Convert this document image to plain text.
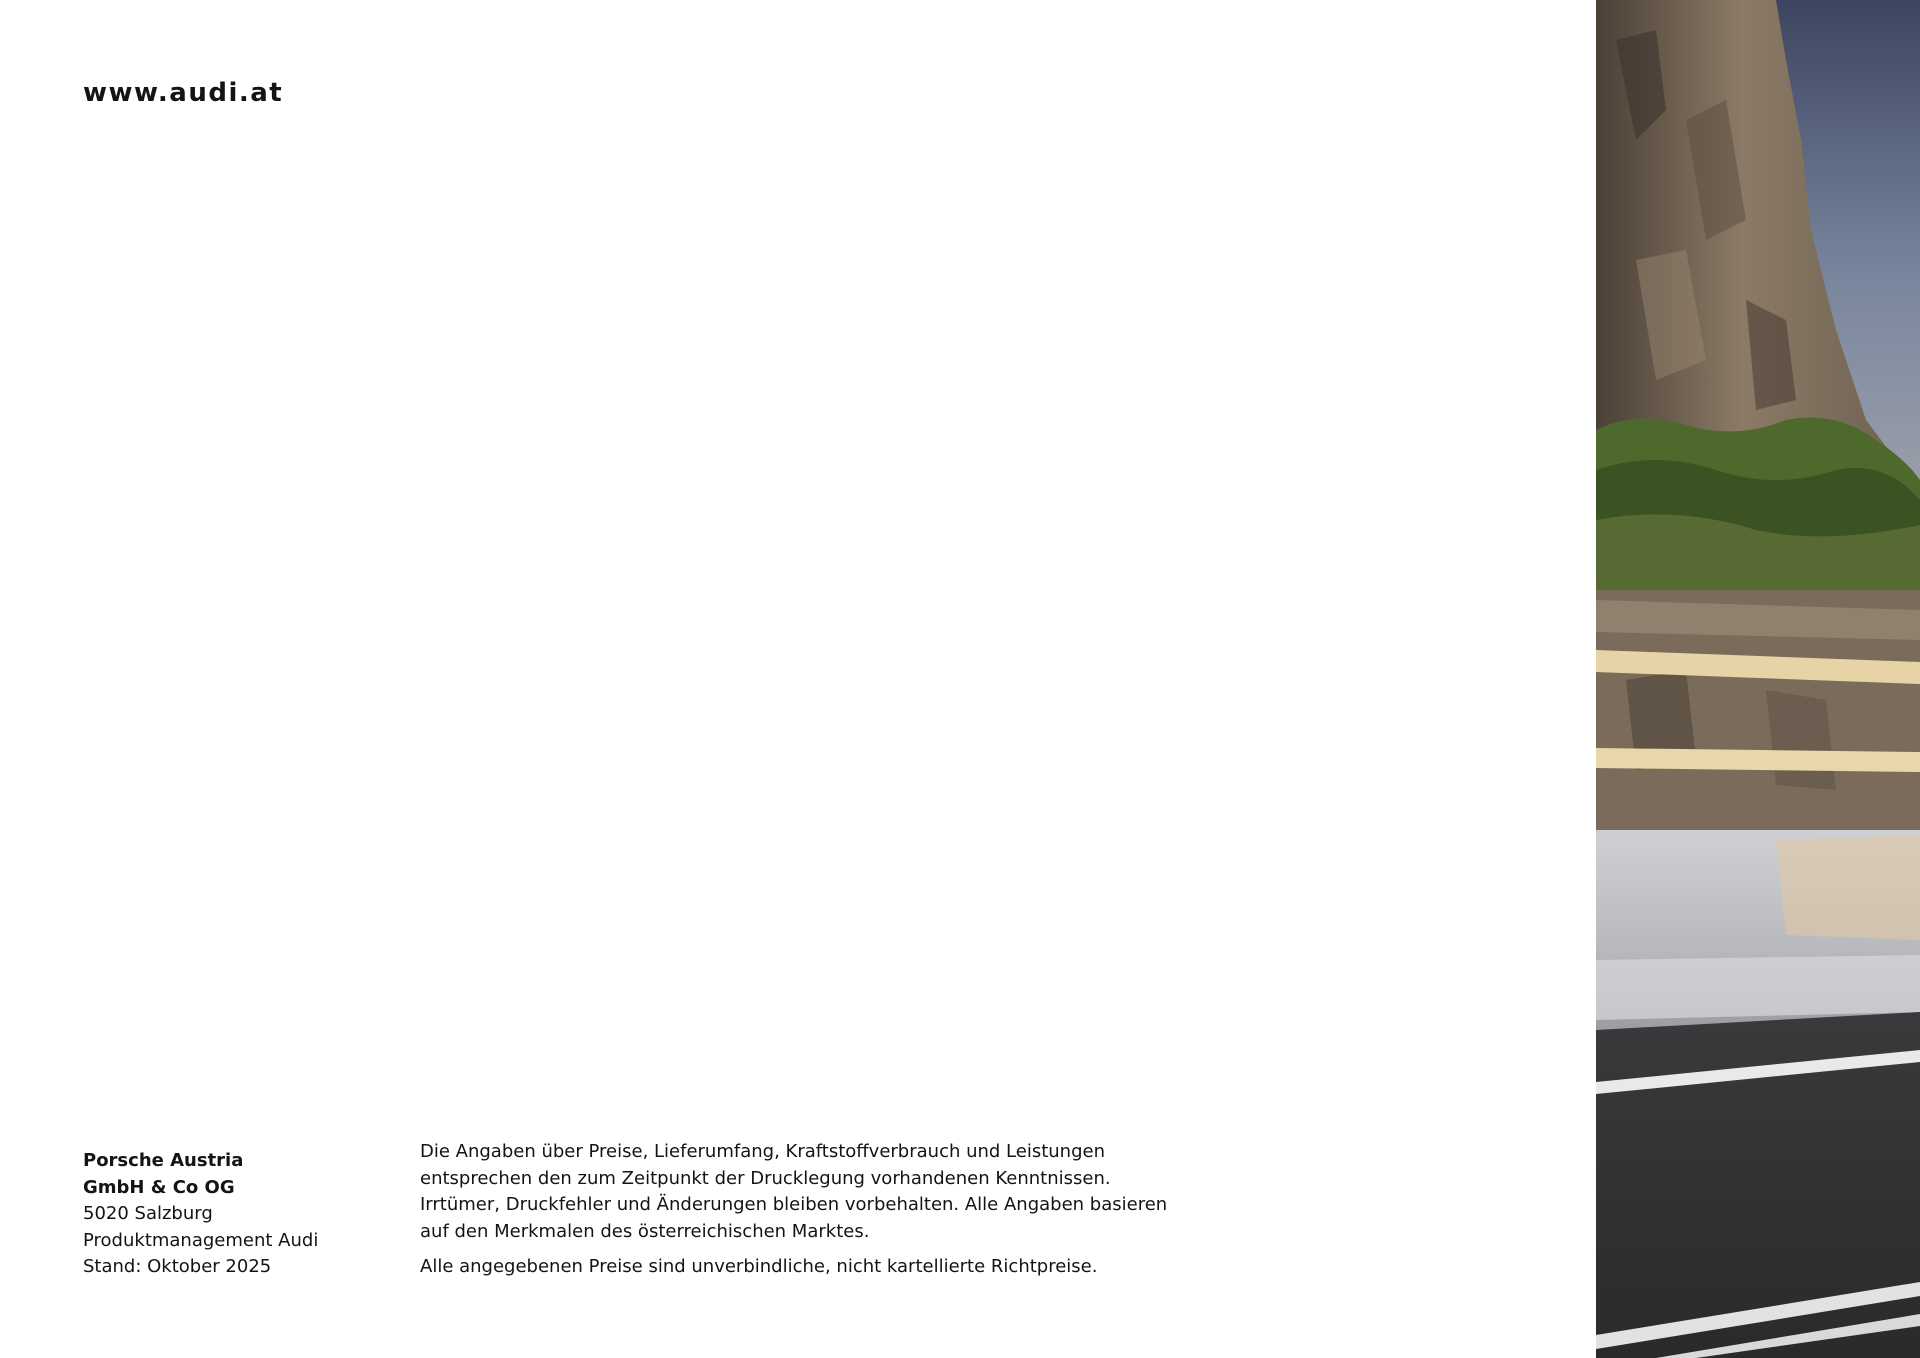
www.audi.at
Porsche Austria
GmbH & Co OG
5020 Salzburg
Produktmanagement Audi
Stand: Oktober 2025

Die Angaben über Preise, Lieferumfang, Kraftstoffverbrauch und Leistungen
entsprechen den zum Zeitpunkt der Drucklegung vorhandenen Kenntnissen.
Irrtümer, Druckfehler und Änderungen bleiben vorbehalten. Alle Angaben basieren
auf den Merkmalen des österreichischen Marktes.

Alle angegebenen Preise sind unverbindliche, nicht kartellierte Richtpreise.
